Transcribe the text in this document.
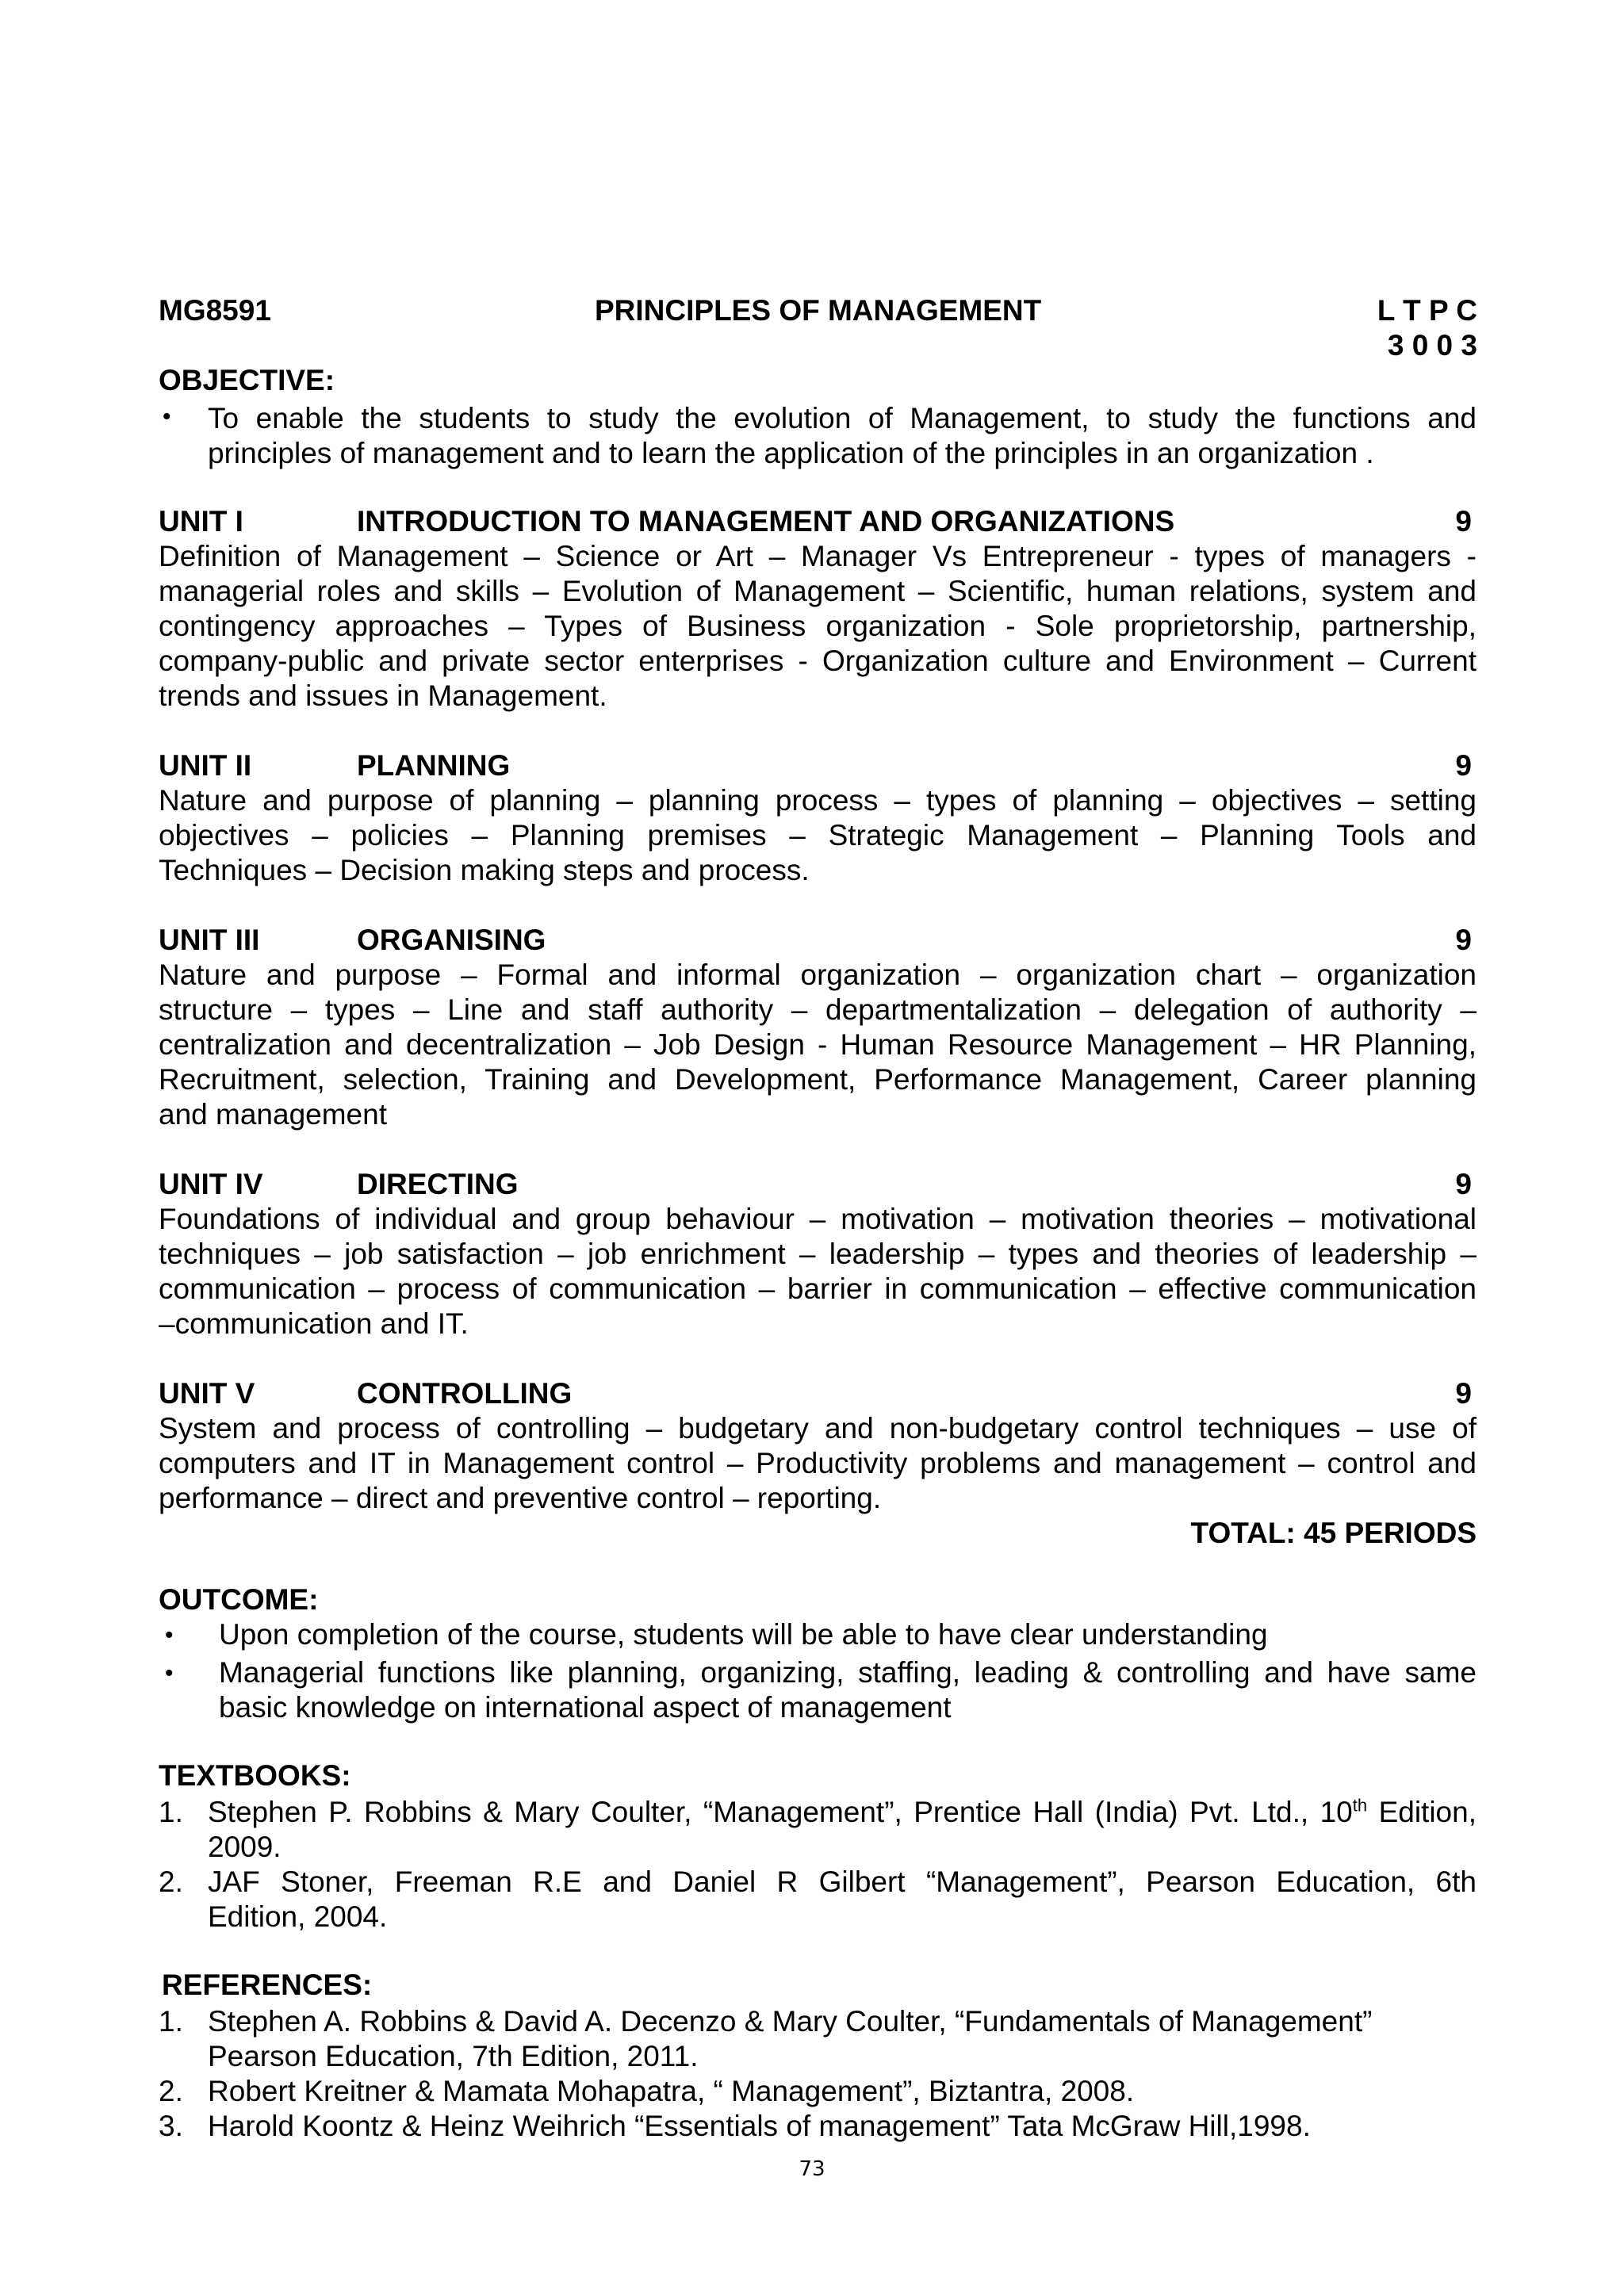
MG8591	PRINCIPLES OF MANAGEMENT	L T P C
3 0 0 3
OBJECTIVE:
• To enable the students to study the evolution of Management, to study the functions and
principles of management and to learn the application of the principles in an organization .
UNIT I	INTRODUCTION TO MANAGEMENT AND ORGANIZATIONS	9
Definition of Management – Science or Art – Manager Vs Entrepreneur - types of managers -
managerial roles and skills – Evolution of Management – Scientific, human relations, system and
contingency approaches – Types of Business organization - Sole proprietorship, partnership,
company-public and private sector enterprises - Organization culture and Environment – Current
trends and issues in Management.
UNIT II	PLANNING	9
Nature and purpose of planning – planning process – types of planning – objectives – setting
objectives – policies – Planning premises – Strategic Management – Planning Tools and
Techniques – Decision making steps and process.
UNIT III	ORGANISING	9
Nature and purpose – Formal and informal organization – organization chart – organization
structure – types – Line and staff authority – departmentalization – delegation of authority –
centralization and decentralization – Job Design - Human Resource Management – HR Planning,
Recruitment, selection, Training and Development, Performance Management, Career planning
and management
UNIT IV	DIRECTING	9
Foundations of individual and group behaviour – motivation – motivation theories – motivational
techniques – job satisfaction – job enrichment – leadership – types and theories of leadership –
communication – process of communication – barrier in communication – effective communication
–communication and IT.
UNIT V	CONTROLLING	9
System and process of controlling – budgetary and non-budgetary control techniques – use of
computers and IT in Management control – Productivity problems and management – control and
performance – direct and preventive control – reporting.
TOTAL: 45 PERIODS
OUTCOME:
• Upon completion of the course, students will be able to have clear understanding
• Managerial functions like planning, organizing, staffing, leading & controlling and have same
basic knowledge on international aspect of management
TEXTBOOKS:
1. Stephen P. Robbins & Mary Coulter, “Management”, Prentice Hall (India) Pvt. Ltd., 10th Edition,
2009.
2. JAF Stoner, Freeman R.E and Daniel R Gilbert “Management”, Pearson Education, 6th
Edition, 2004.
REFERENCES:
1. Stephen A. Robbins & David A. Decenzo & Mary Coulter, “Fundamentals of Management”
Pearson Education, 7th Edition, 2011.
2. Robert Kreitner & Mamata Mohapatra, “ Management”, Biztantra, 2008.
3. Harold Koontz & Heinz Weihrich “Essentials of management” Tata McGraw Hill,1998.
73
